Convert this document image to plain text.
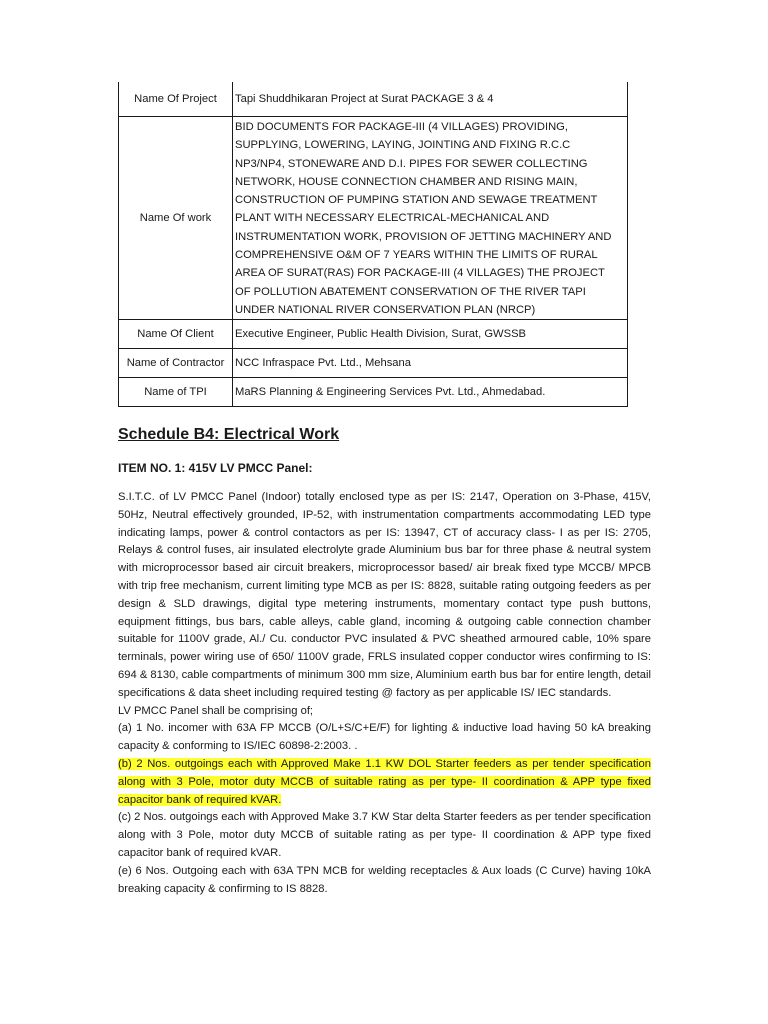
Name Of Project	Tapi Shuddhikaran Project at Surat PACKAGE 3 & 4
Name Of work	BID DOCUMENTS FOR PACKAGE-III (4 VILLAGES) PROVIDING, SUPPLYING, LOWERING, LAYING, JOINTING AND FIXING R.C.C NP3/NP4, STONEWARE AND D.I. PIPES FOR SEWER COLLECTING NETWORK, HOUSE CONNECTION CHAMBER AND RISING MAIN, CONSTRUCTION OF PUMPING STATION AND SEWAGE TREATMENT PLANT WITH NECESSARY ELECTRICAL-MECHANICAL AND INSTRUMENTATION WORK, PROVISION OF JETTING MACHINERY AND COMPREHENSIVE O&M OF 7 YEARS WITHIN THE LIMITS OF RURAL AREA OF SURAT(RAS) FOR PACKAGE-III (4 VILLAGES) THE PROJECT OF POLLUTION ABATEMENT CONSERVATION OF THE RIVER TAPI UNDER NATIONAL RIVER CONSERVATION PLAN (NRCP)
Name Of Client	Executive Engineer, Public Health Division, Surat, GWSSB
Name of Contractor	NCC Infraspace Pvt. Ltd., Mehsana
Name of TPI	MaRS Planning & Engineering Services Pvt. Ltd., Ahmedabad.
Schedule B4: Electrical Work
ITEM NO. 1: 415V LV PMCC Panel:

S.I.T.C. of LV PMCC Panel (Indoor) totally enclosed type as per IS: 2147, Operation on 3-Phase, 415V, 50Hz, Neutral effectively grounded, IP-52, with instrumentation compartments accommodating LED type indicating lamps, power & control contactors as per IS: 13947, CT of accuracy class- I as per IS: 2705, Relays & control fuses, air insulated electrolyte grade Aluminium bus bar for three phase & neutral system with microprocessor based air circuit breakers, microprocessor based/ air break fixed type MCCB/ MPCB with trip free mechanism, current limiting type MCB as per IS: 8828, suitable rating outgoing feeders as per design & SLD drawings, digital type metering instruments, momentary contact type push buttons, equipment fittings, bus bars, cable alleys, cable gland, incoming & outgoing cable connection chamber suitable for 1100V grade, Al./ Cu. conductor PVC insulated & PVC sheathed armoured cable, 10% spare terminals, power wiring use of 650/ 1100V grade, FRLS insulated copper conductor wires confirming to IS: 694 & 8130, cable compartments of minimum 300 mm size, Aluminium earth bus bar for entire length, detail specifications & data sheet including required testing @ factory as per applicable IS/ IEC standards.

LV PMCC Panel shall be comprising of;

(a) 1 No. incomer with 63A FP MCCB (O/L+S/C+E/F) for lighting & inductive load having 50 kA breaking capacity & conforming to IS/IEC 60898-2:2003. .

(b) 2 Nos. outgoings each with Approved Make 1.1 KW DOL Starter feeders as per tender specification along with 3 Pole, motor duty MCCB of suitable rating as per type- II coordination & APP type fixed capacitor bank of required kVAR.

(c) 2 Nos. outgoings each with Approved Make 3.7 KW Star delta Starter feeders as per tender specification along with 3 Pole, motor duty MCCB of suitable rating as per type- II coordination & APP type fixed capacitor bank of required kVAR.

(e) 6 Nos. Outgoing each with 63A TPN MCB for welding receptacles & Aux loads (C Curve) having 10kA breaking capacity & confirming to IS 8828.
